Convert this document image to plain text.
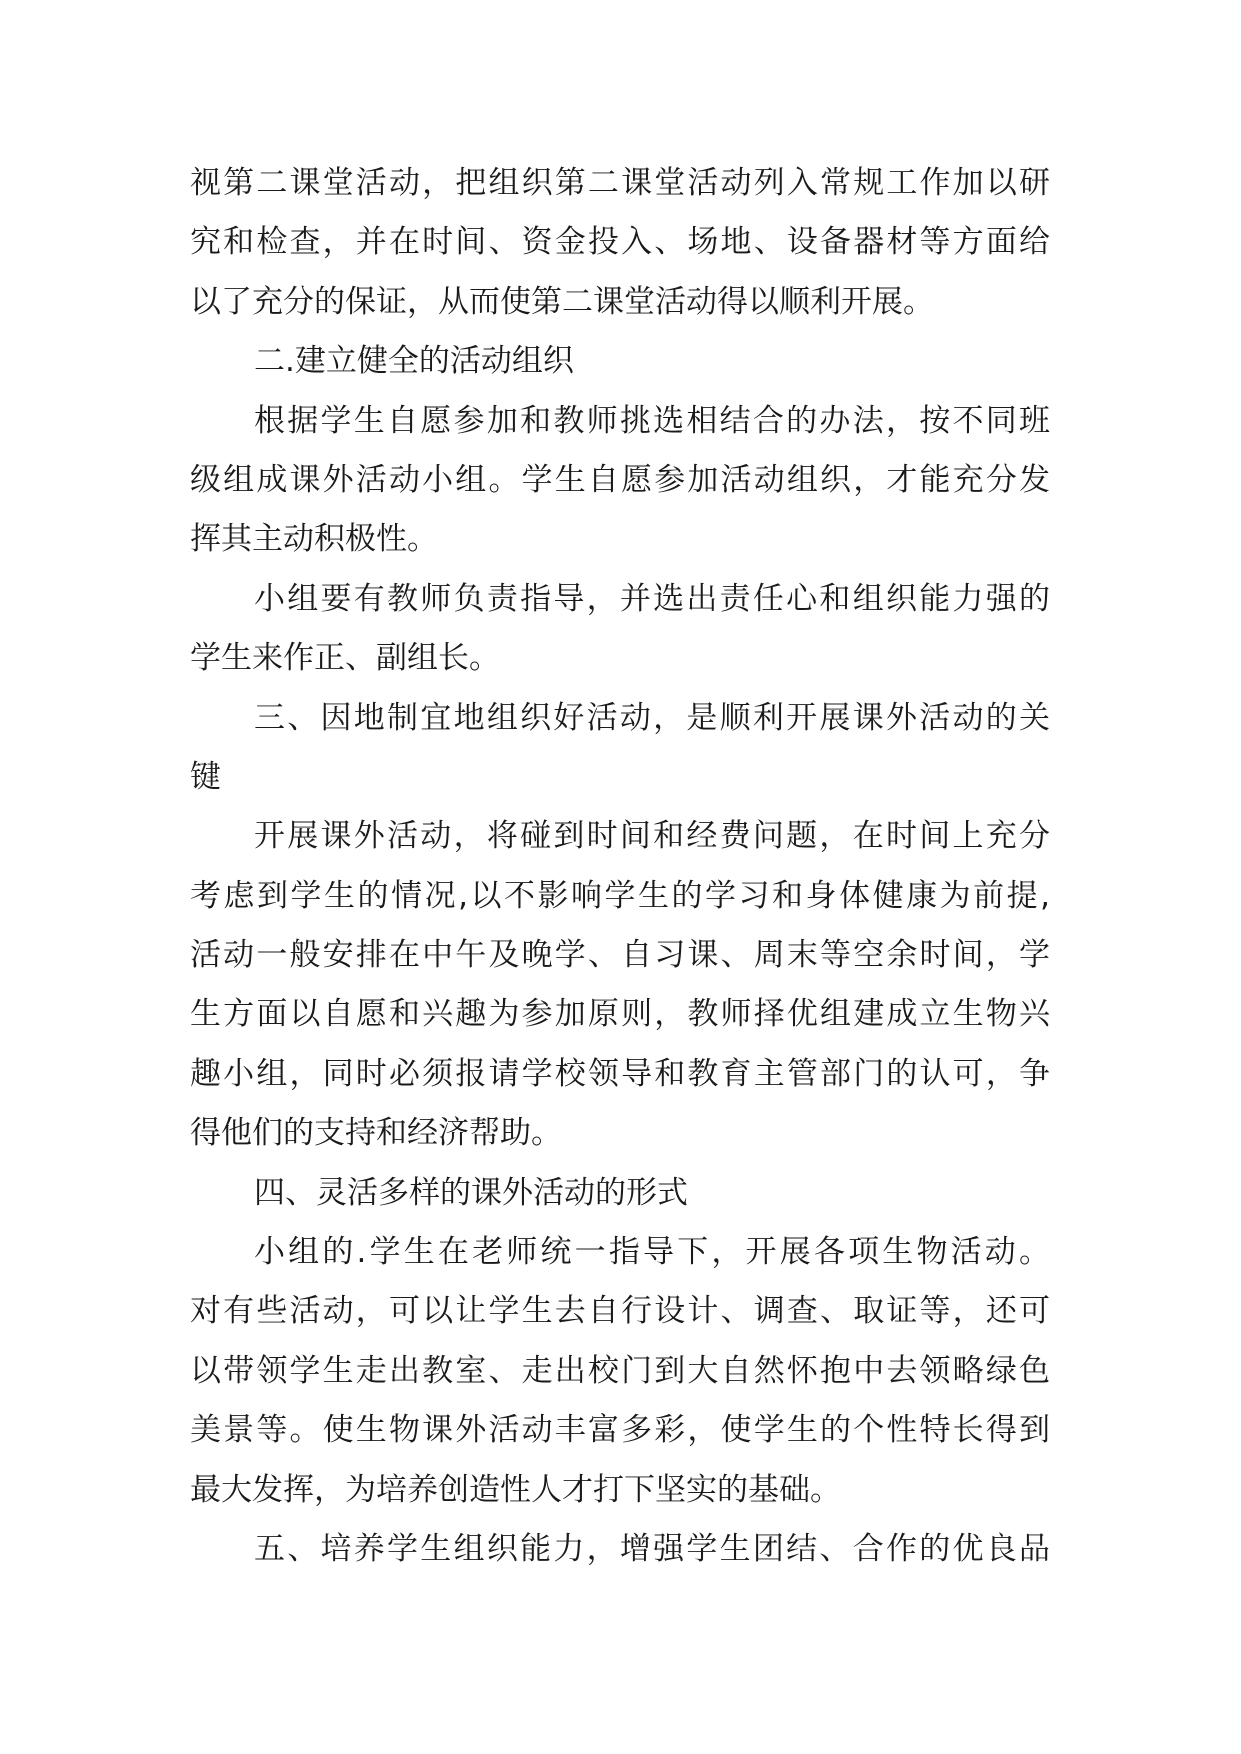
视第二课堂活动，把组织第二课堂活动列入常规工作加以研
究和检查，并在时间、资金投入、场地、设备器材等方面给
以了充分的保证，从而使第二课堂活动得以顺利开展。
二.建立健全的活动组织
根据学生自愿参加和教师挑选相结合的办法，按不同班
级组成课外活动小组。学生自愿参加活动组织，才能充分发
挥其主动积极性。
小组要有教师负责指导，并选出责任心和组织能力强的
学生来作正、副组长。
三、因地制宜地组织好活动，是顺利开展课外活动的关
键
开展课外活动，将碰到时间和经费问题，在时间上充分
考虑到学生的情况,以不影响学生的学习和身体健康为前提,
活动一般安排在中午及晚学、自习课、周末等空余时间，学
生方面以自愿和兴趣为参加原则，教师择优组建成立生物兴
趣小组，同时必须报请学校领导和教育主管部门的认可，争
得他们的支持和经济帮助。
四、灵活多样的课外活动的形式
小组的.学生在老师统一指导下，开展各项生物活动。
对有些活动，可以让学生去自行设计、调查、取证等，还可
以带领学生走出教室、走出校门到大自然怀抱中去领略绿色
美景等。使生物课外活动丰富多彩，使学生的个性特长得到
最大发挥，为培养创造性人才打下坚实的基础。
五、培养学生组织能力，增强学生团结、合作的优良品
